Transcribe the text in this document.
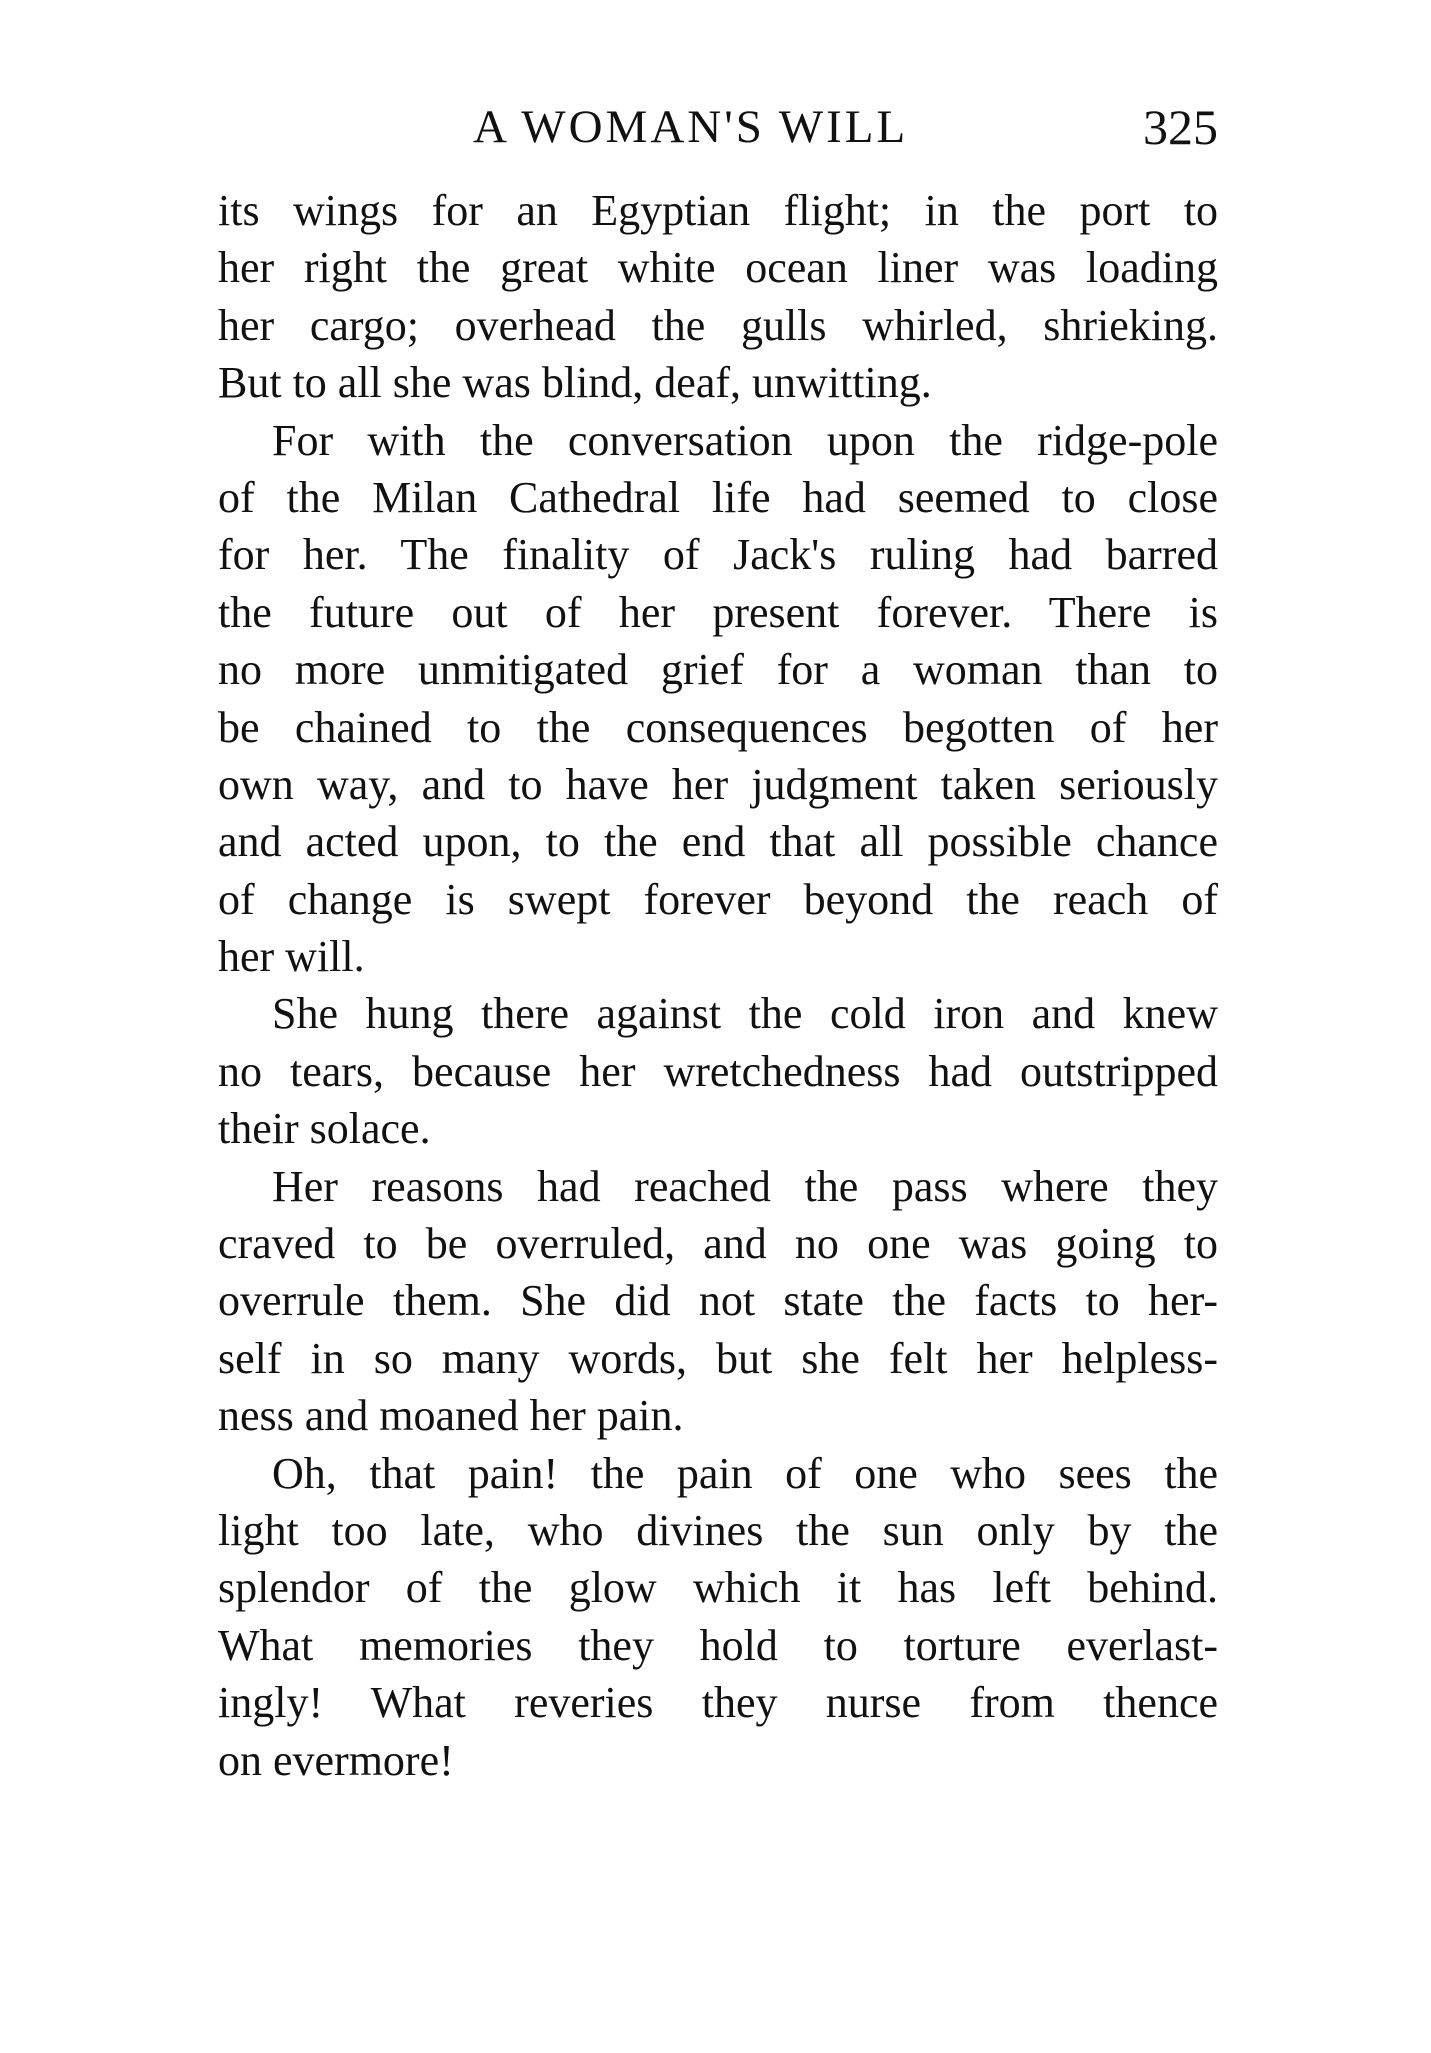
A WOMAN'S WILL	325
its wings for an Egyptian flight; in the port to
her right the great white ocean liner was loading
her cargo; overhead the gulls whirled, shrieking.
But to all she was blind, deaf, unwitting.
For with the conversation upon the ridge-pole
of the Milan Cathedral life had seemed to close
for her. The finality of Jack's ruling had barred
the future out of her present forever. There is
no more unmitigated grief for a woman than to
be chained to the consequences begotten of her
own way, and to have her judgment taken seriously
and acted upon, to the end that all possible chance
of change is swept forever beyond the reach of
her will.
She hung there against the cold iron and knew
no tears, because her wretchedness had outstripped
their solace.
Her reasons had reached the pass where they
craved to be overruled, and no one was going to
overrule them. She did not state the facts to her-
self in so many words, but she felt her helpless-
ness and moaned her pain.
Oh, that pain! the pain of one who sees the
light too late, who divines the sun only by the
splendor of the glow which it has left behind.
What memories they hold to torture everlast-
ingly! What reveries they nurse from thence
on evermore!
